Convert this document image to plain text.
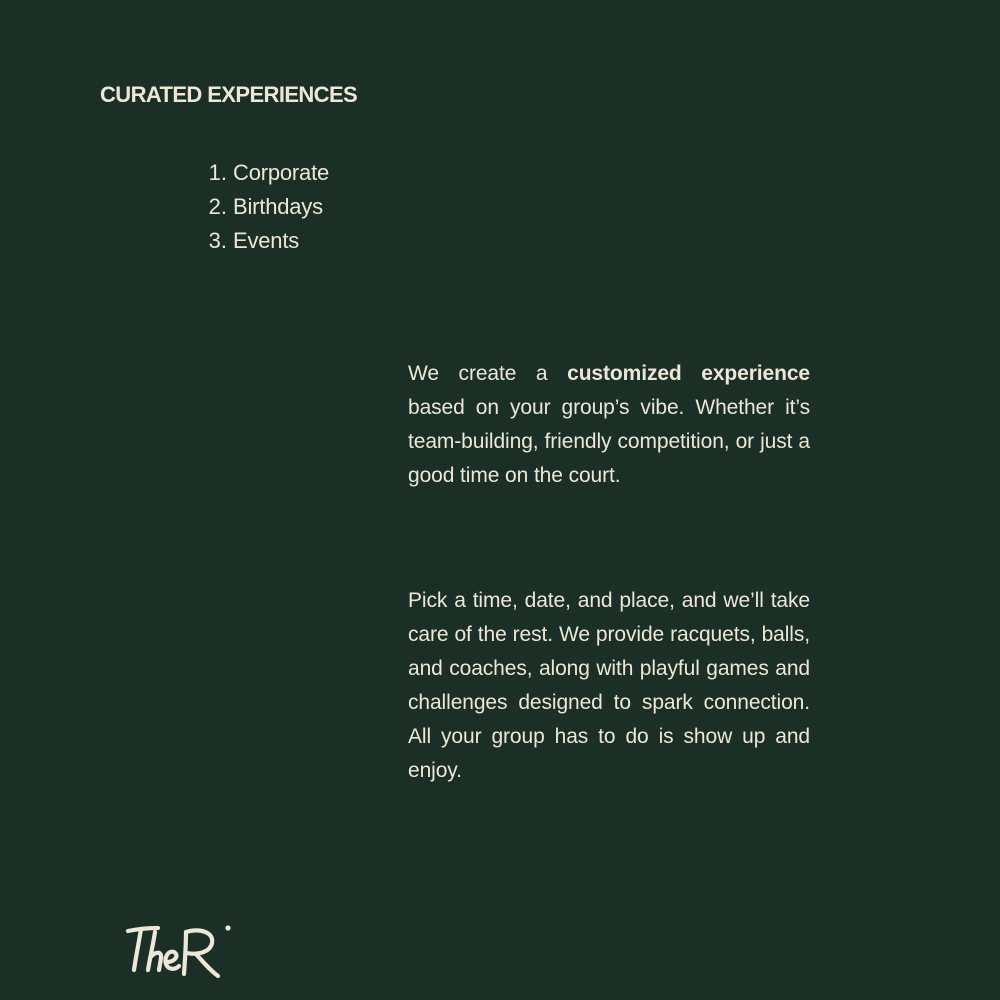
CURATED EXPERIENCES
1. Corporate
2. Birthdays
3. Events

We create a customized experience based on your group’s vibe. Whether it’s team-building, friendly competition, or just a good time on the court.

Pick a time, date, and place, and we’ll take care of the rest. We provide racquets, balls, and coaches, along with playful games and challenges designed to spark connection. All your group has to do is show up and enjoy.
